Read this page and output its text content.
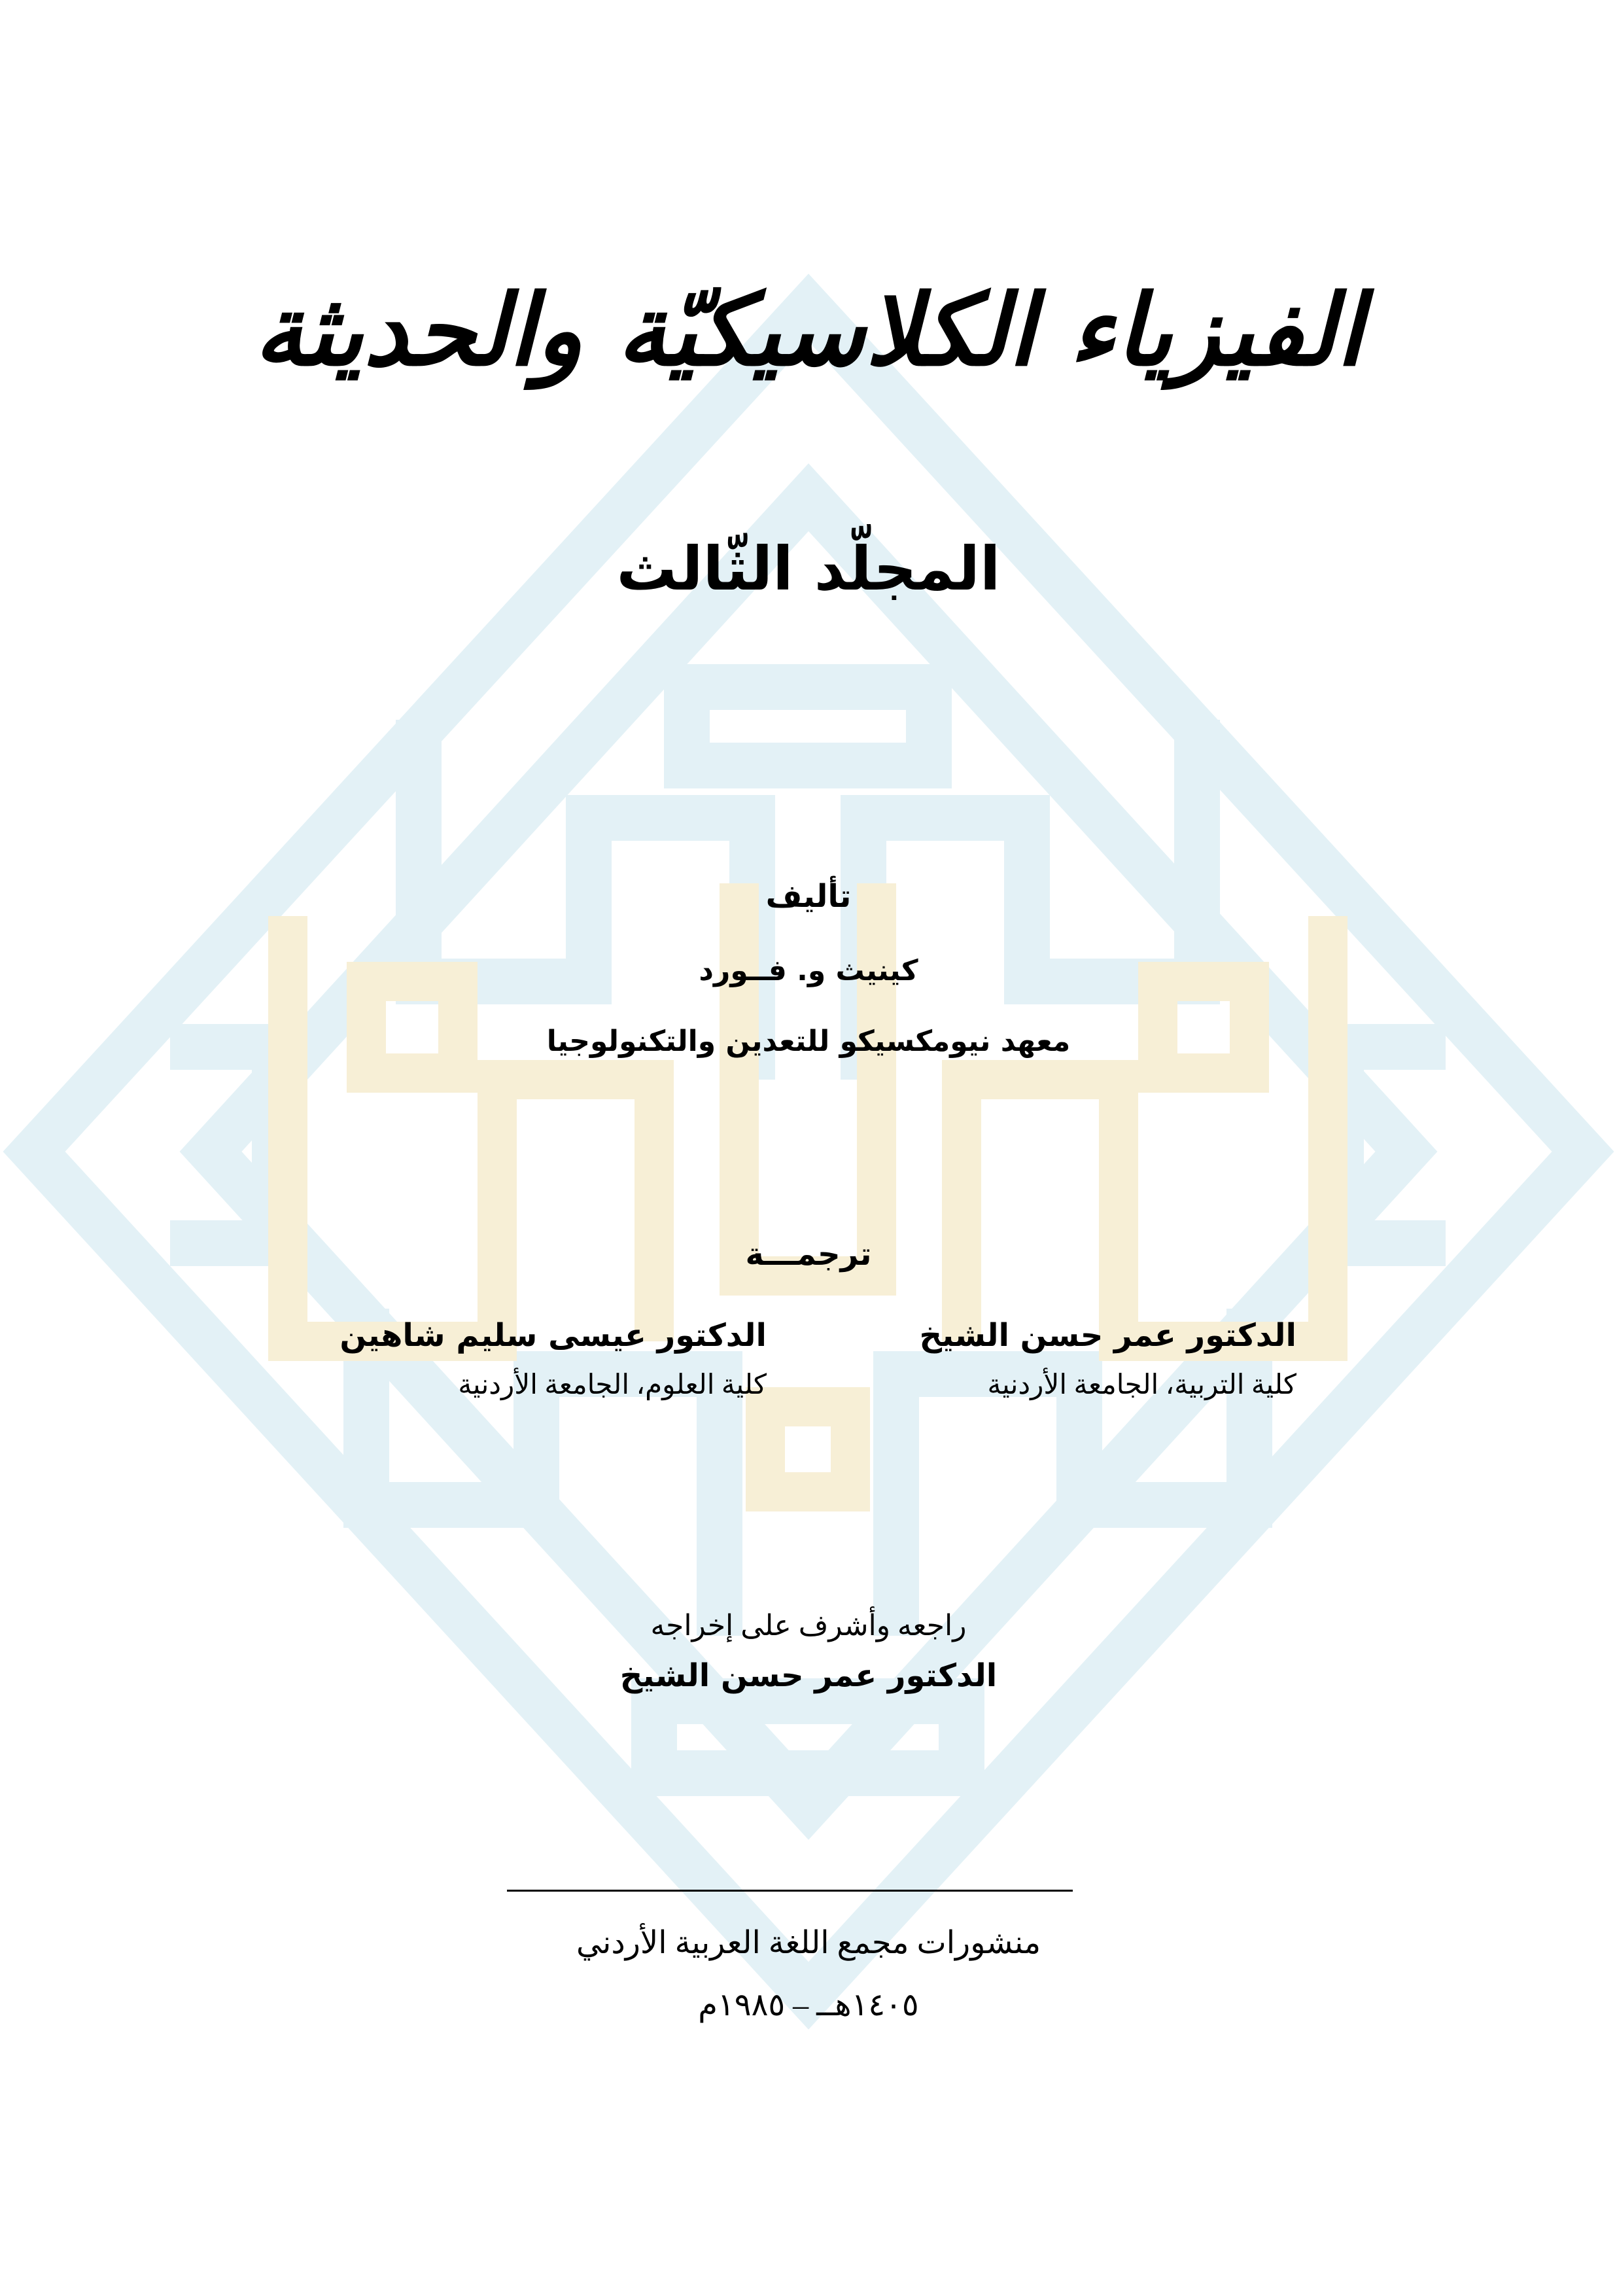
الفيزياء الكلاسيكيّة والحديثة
المجلّد الثّالث
تأليف
كينيث و. فــورد
معهد نيومكسيكو للتعدين والتكنولوجيا
ترجمـــة
الدكتور عمر حسن الشيخ
كلية التربية، الجامعة الأردنية
الدكتور عيسى سليم شاهين
كلية العلوم، الجامعة الأردنية
راجعه وأشرف على إخراجه
الدكتور عمر حسن الشيخ
منشورات مجمع اللغة العربية الأردني
١٤٠٥هــ – ١٩٨٥م
